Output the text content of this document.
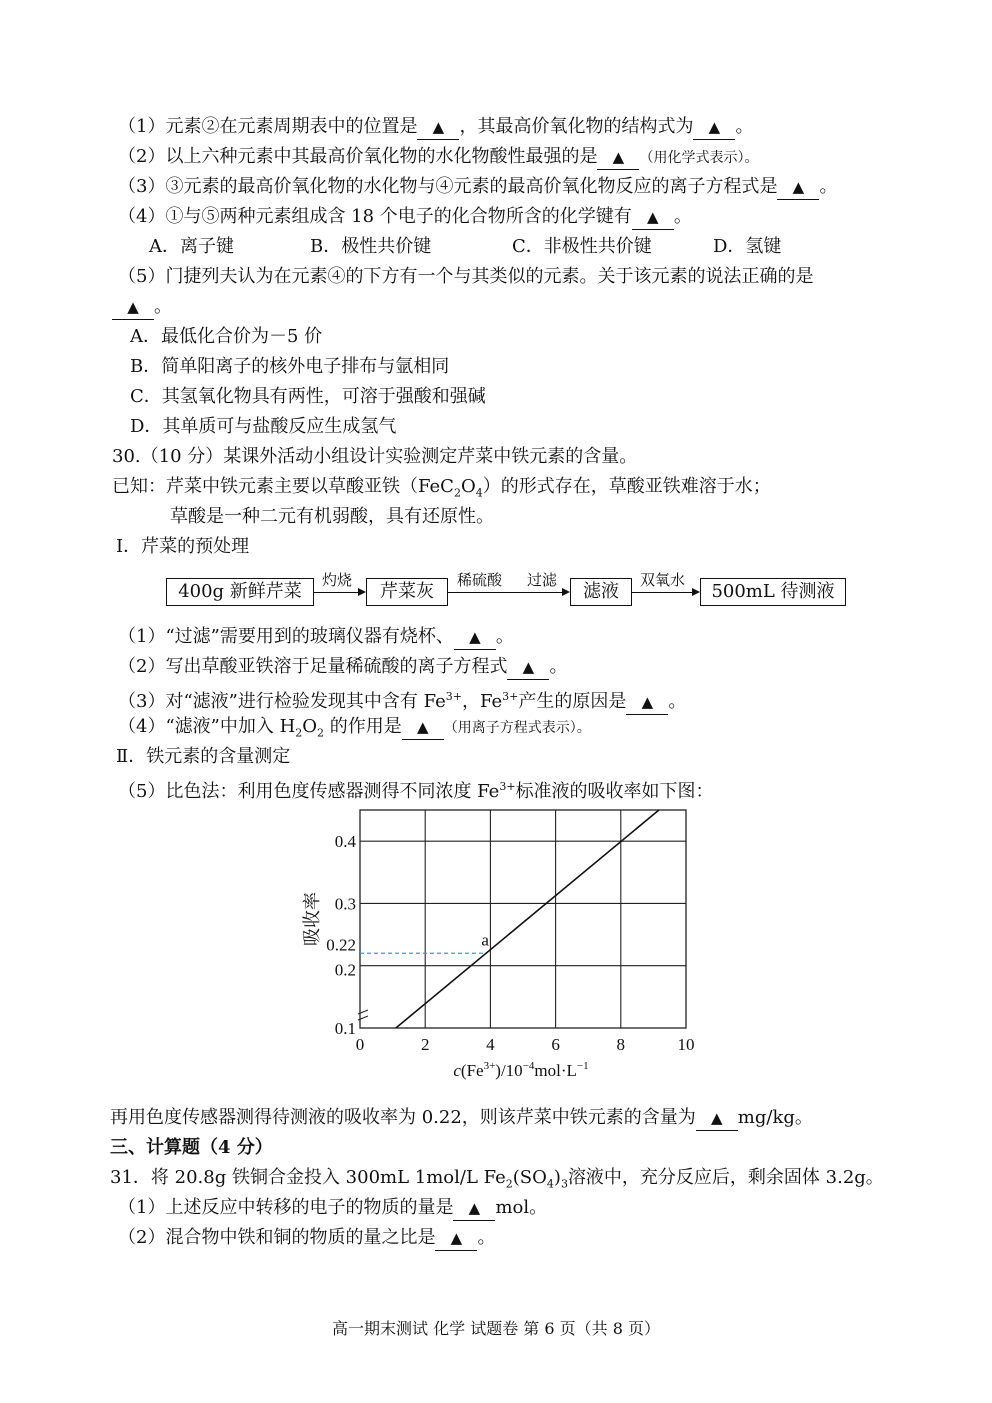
（1）元素②在元素周期表中的位置是 ▲ ，其最高价氧化物的结构式为 ▲ 。
（2）以上六种元素中其最高价氧化物的水化物酸性最强的是 ▲ （用化学式表示）。
（3）③元素的最高价氧化物的水化物与④元素的最高价氧化物反应的离子方程式是 ▲ 。
（4）①与⑤两种元素组成含 18 个电子的化合物所含的化学键有 ▲ 。
A．离子键	B．极性共价键	C．非极性共价键	D．氢键
（5）门捷列夫认为在元素④的下方有一个与其类似的元素。关于该元素的说法正确的是
▲ 。
A．最低化合价为－5 价
B．简单阳离子的核外电子排布与氩相同
C．其氢氧化物具有两性，可溶于强酸和强碱
D．其单质可与盐酸反应生成氢气
30.（10 分）某课外活动小组设计实验测定芹菜中铁元素的含量。
已知：芹菜中铁元素主要以草酸亚铁$(FeC_2O_4)$的形式存在，草酸亚铁难溶于水；
草酸是一种二元有机弱酸，具有还原性。
Ⅰ．芹菜的预处理
400g 新鲜芹菜
灼烧
芹菜灰
稀硫酸 过滤
滤液
双氧水
500mL 待测液
（1）“过滤”需要用到的玻璃仪器有烧杯、 ▲ 。
（2）写出草酸亚铁溶于足量稀硫酸的离子方程式 ▲ 。
（3）对“滤液”进行检验发现其中含有 $Fe^{3+}$，$Fe^{3+}$产生的原因是 ▲ 。
（4）“滤液”中加入 $H_2O_2$ 的作用是 ▲ （用离子方程式表示）。
Ⅱ．铁元素的含量测定
（5）比色法：利用色度传感器测得不同浓度 $Fe^{3+}$标准液的吸收率如下图：
a
0	2	4	6	8	10
0.1
0.2
0.22
0.3
0.4
吸收率
$c(Fe^{3+})/10^{-4}mol\cdot L^{-1}$
再用色度传感器测得待测液的吸收率为 0.22，则该芹菜中铁元素的含量为 ▲ mg/kg。
三、计算题（4 分）
31．将 20.8g 铁铜合金投入 300mL 1mol/L $Fe_2(SO_4)_3$溶液中，充分反应后，剩余固体 3.2g。
（1）上述反应中转移的电子的物质的量是 ▲ mol。
（2）混合物中铁和铜的物质的量之比是 ▲ 。
高一期末测试 化学 试题卷 第 6 页（共 8 页）
